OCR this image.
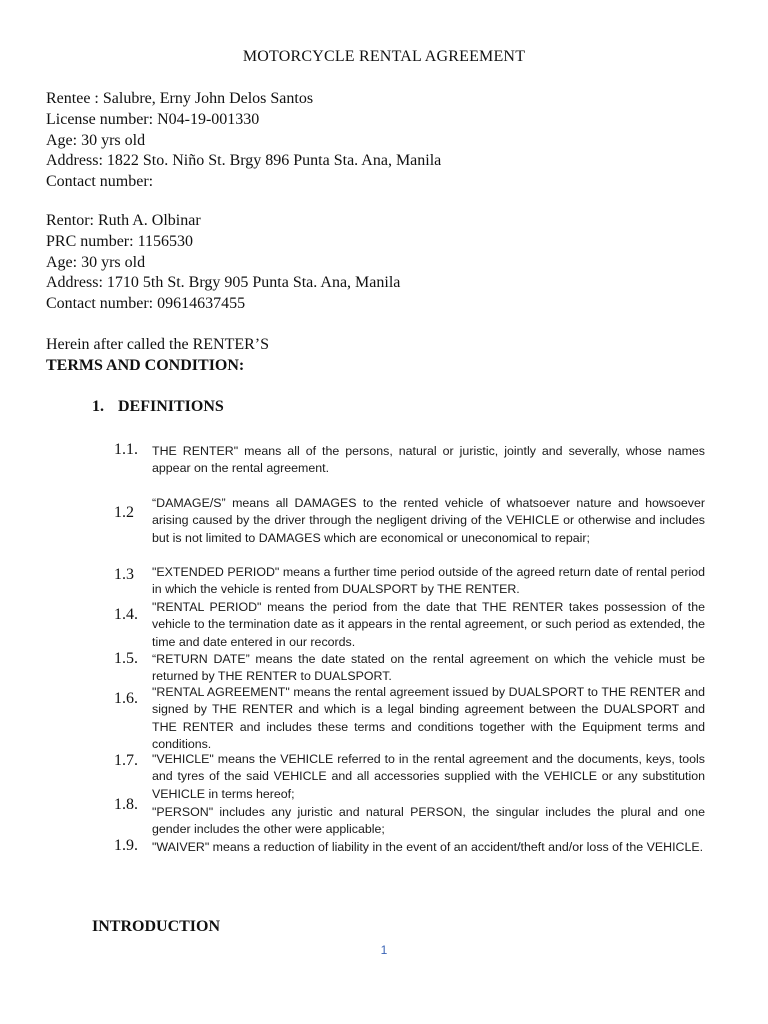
MOTORCYCLE RENTAL AGREEMENT
Rentee : Salubre, Erny John Delos Santos
License number: N04-19-001330
Age: 30 yrs old
Address: 1822 Sto. Niño St. Brgy 896 Punta Sta. Ana, Manila
Contact number:
Rentor: Ruth A. Olbinar
PRC number: 1156530
Age: 30 yrs old
Address: 1710 5th St. Brgy 905 Punta Sta. Ana, Manila
Contact number: 09614637455
Herein after called the RENTER’S
TERMS AND CONDITION:
1. DEFINITIONS
1.1. THE RENTER" means all of the persons, natural or juristic, jointly and severally, whose names appear on the rental agreement.
1.2
“DAMAGE/S” means all DAMAGES to the rented vehicle of whatsoever nature and howsoever arising caused by the driver through the negligent driving of the VEHICLE or otherwise and includes but is not limited to DAMAGES which are economical or uneconomical to repair;
1.3 "EXTENDED PERIOD" means a further time period outside of the agreed return date of rental period in which the vehicle is rented from DUALSPORT by THE RENTER.
1.4. "RENTAL PERIOD" means the period from the date that THE RENTER takes possession of the vehicle to the termination date as it appears in the rental agreement, or such period as extended, the time and date entered in our records.
1.5. “RETURN DATE” means the date stated on the rental agreement on which the vehicle must be returned by THE RENTER to DUALSPORT.
1.6. "RENTAL AGREEMENT" means the rental agreement issued by DUALSPORT to THE RENTER and signed by THE RENTER and which is a legal binding agreement between the DUALSPORT and THE RENTER and includes these terms and conditions together with the Equipment terms and conditions.
1.7. "VEHICLE" means the VEHICLE referred to in the rental agreement and the documents, keys, tools and tyres of the said VEHICLE and all accessories supplied with the VEHICLE or any substitution VEHICLE in terms hereof;
1.8. "PERSON" includes any juristic and natural PERSON, the singular includes the plural and one gender includes the other were applicable;
1.9. "WAIVER" means a reduction of liability in the event of an accident/theft and/or loss of the VEHICLE.
INTRODUCTION
1
